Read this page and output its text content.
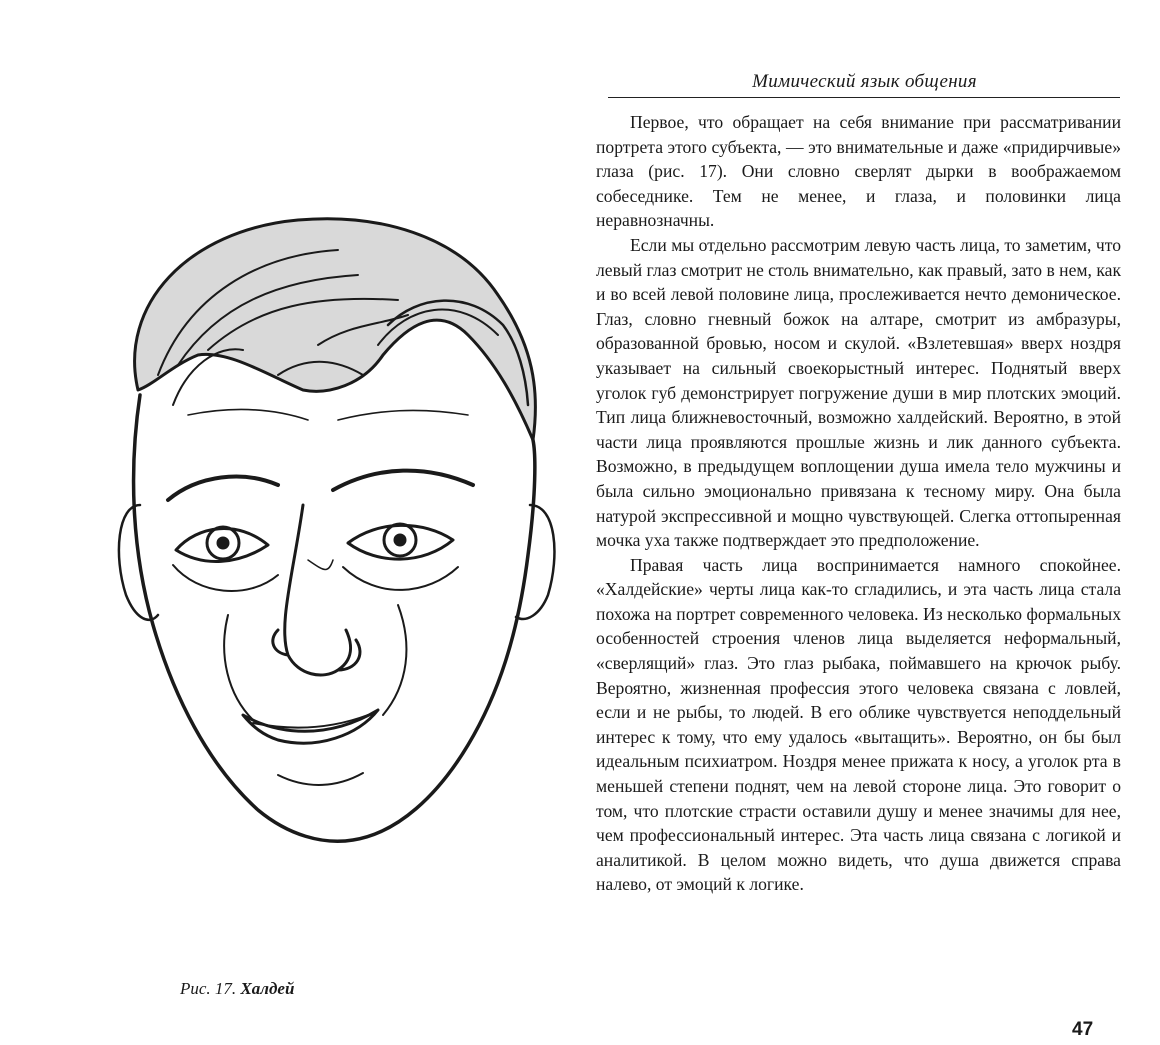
Мимический язык общения
Рис. 17. Халдей

Первое, что обращает на себя внимание при рассматривании портрета этого субъекта, — это внимательные и даже «придирчивые» глаза (рис. 17). Они словно сверлят дырки в воображаемом собеседнике. Тем не менее, и глаза, и половинки лица неравнозначны.

Если мы отдельно рассмотрим левую часть лица, то заметим, что левый глаз смотрит не столь внимательно, как правый, зато в нем, как и во всей левой половине лица, прослеживается нечто демоническое. Глаз, словно гневный божок на алтаре, смотрит из амбразуры, образованной бровью, носом и скулой. «Взлетевшая» вверх ноздря указывает на сильный своекорыстный интерес. Поднятый вверх уголок губ демонстрирует погружение души в мир плотских эмоций. Тип лица ближневосточный, возможно халдейский. Вероятно, в этой части лица проявляются прошлые жизнь и лик данного субъекта. Возможно, в предыдущем воплощении душа имела тело мужчины и была сильно эмоционально привязана к тесному миру. Она была натурой экспрессивной и мощно чувствующей. Слегка оттопыренная мочка уха также подтверждает это предположение.

Правая часть лица воспринимается намного спокойнее. «Халдейские» черты лица как-то сгладились, и эта часть лица стала похожа на портрет современного человека. Из несколько формальных особенностей строения членов лица выделяется неформальный, «сверлящий» глаз. Это глаз рыбака, поймавшего на крючок рыбу. Вероятно, жизненная профессия этого человека связана с ловлей, если и не рыбы, то людей. В его облике чувствуется неподдельный интерес к тому, что ему удалось «вытащить». Вероятно, он бы был идеальным психиатром. Ноздря менее прижата к носу, а уголок рта в меньшей степени поднят, чем на левой стороне лица. Это говорит о том, что плотские страсти оставили душу и менее значимы для нее, чем профессиональный интерес. Эта часть лица связана с логикой и аналитикой. В целом можно видеть, что душа движется справа налево, от эмоций к логике.

47
